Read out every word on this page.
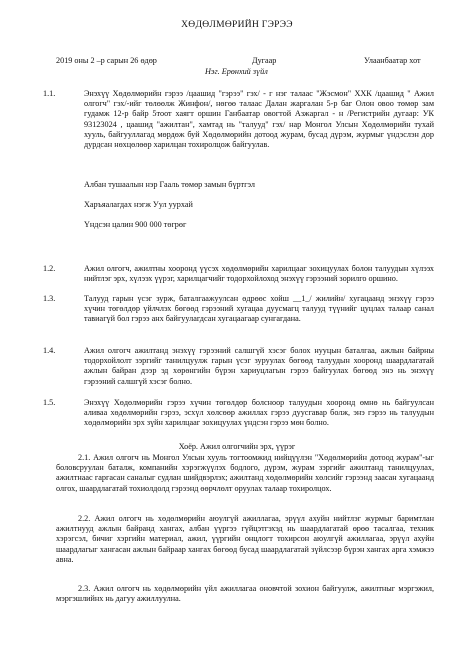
ХӨДӨЛМӨРИЙН ГЭРЭЭ
2019 оны 2 –р сарын 26 өдөр	Дугаар	Улаанбаатар хот
Нэг. Ерөнхий зүйл
1.1.	Энэхүү Хөдөлмөрийн гэрээ /цаашид "гэрээ" гэх/ - г нэг талаас "Жэсмон" ХХК /цаашид " Ажил олгогч" гэх/-ийг төлөөлж Жинфон/, нөгөө талаас Далан жаргалан 5-р баг Олон овоо төмөр зам гудамж 12-р байр 5тоот хаягт оршин Ганбаатар овогтой Азжаргал - н /Регистрийн дугаар: УК 93123024 , цаашид "ажилтан", хамтад нь "талууд" гэх/ нар Монгол Улсын Хөдөлмөрийн тухай хууль, байгууллагад мөрдөж буй Хөдөлмөрийн дотоод журам, бусад дүрэм, журмыг үндэслэн дор дурдсан нөхцөлөөр харилцан тохиролцож байгуулав.
Албан тушаалын нэр Гааль төмөр замын бүртгэл
Харъяалагдах нэгж Уул уурхай
Үндсэн цалин 900 000 төгрөг
1.2.	Ажил олгогч, ажилтны хооронд үүсэх хөдөлмөрийн харилцааг зохицуулах болон талуудын хүлээх нийтлэг эрх, хүлээх үүрэг, харилцагчийг тодорхойлоход энэхүү гэрээний зорилго оршино.
1.3.	Талууд гарын үсэг зурж, баталгаажуулсан өдрөөс хойш __1_/ жилийн/ хугацаанд энэхүү гэрээ хүчин төгөлдөр үйлчлэх бөгөөд гэрээний хугацаа дуусмагц талууд түүнийг цуцлах талаар санал тавиагүй бол гэрээ анх байгуулагдсан хугацаагаар сунгагдана.
1.4.	Ажил олгогч ажилтанд энэхүү гэрээний салшгүй хэсэг болох нууцын баталгаа, ажлын байрны тодорхойлолт зэргийг танилцуулж гарын үсэг зуруулах бөгөөд талуудын хооронд шаардлагатай ажлын байран дээр эд хөрөнгийн бүрэн хариуцлагын гэрээ байгуулах бөгөөд энэ нь энэхүү гэрээний салшгүй хэсэг болно.
1.5.	Энэхүү Хөдөлмөрийн гэрээ хүчин төгөлдөр болсноор талуудын хооронд өмнө нь байгуулсан аливаа хөдөлмөрийн гэрээ, эсхүл хөлсөөр ажиллах гэрээ дуусгавар болж, энэ гэрээ нь талуудын хөдөлмөрийн эрх зүйн харилцааг зохицуулах үндсэн гэрээ мөн болно.
Хоёр. Ажил олгогчийн эрх, үүрэг
2.1. Ажил олгогч нь Монгол Улсын хууль тогтоомжид нийцүүлэн "Хөдөлмөрийн дотоод журам"-ыг боловсруулан баталж, компанийн хэрэгжүүлэх бодлого, дүрэм, журам зэргийг ажилтанд танилцуулах, ажилтнаас гаргасан саналыг судлан шийдвэрлэх; ажилтанд хөдөлмөрийн хөлсийг гэрээнд заасан хугацаанд олгох, шаардлагатай тохиолдолд гэрээнд өөрчлөлт оруулах талаар тохиролцох.
2.2. Ажил олгогч нь хөдөлмөрийн аюулгүй ажиллагаа, эрүүл ахуйн нийтлэг журмыг баримтлан ажилтнууд ажлын байранд хангах, албан үүргээ гүйцэтгэхэд нь шаардлагатай өрөө тасалгаа, техник хэрэгсэл, бичиг хэргийн материал, ажил, үүргийн онцлогт тохирсон аюулгүй ажиллагаа, эрүүл ахуйн шаардлагыг хангасан ажлын байраар хангах бөгөөд бусад шаардлагатай зүйлсээр бүрэн хангах арга хэмжээ авна.
2.3. Ажил олгогч нь хөдөлмөрийн үйл ажиллагаа оновчтой зохион байгуулж, ажилтныг мэргэжил, мэргэшлийнх нь дагуу ажиллуулна.
